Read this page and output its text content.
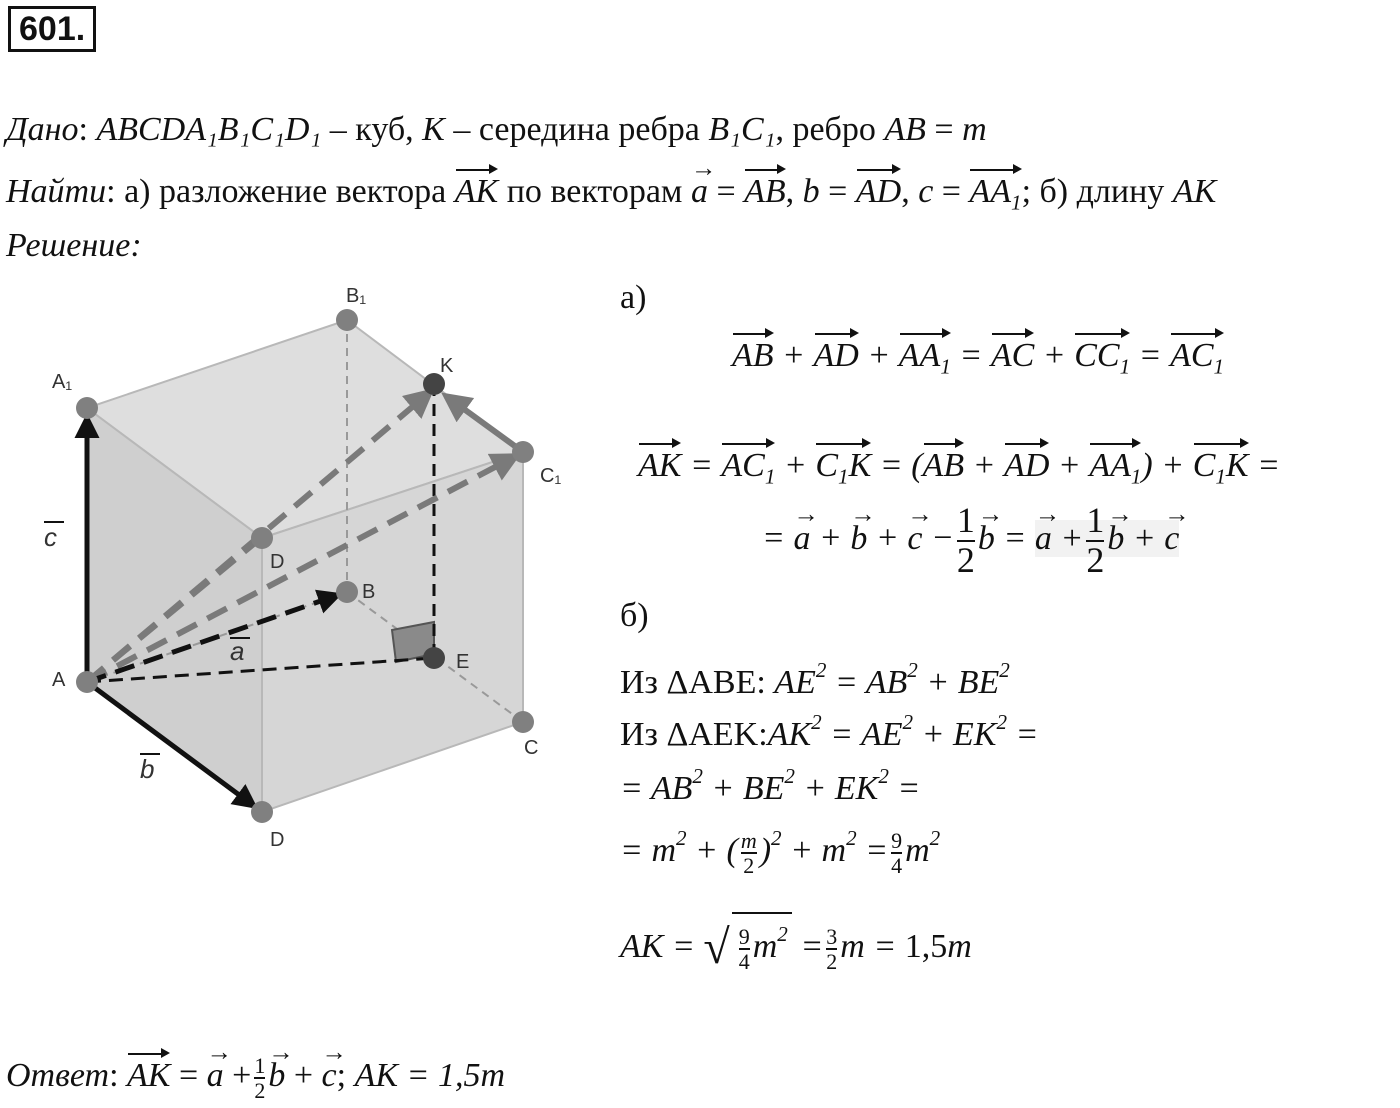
601.
Дано: ABCDA₁B₁C₁D₁ – куб, K – середина ребра B₁C₁, ребро AB = m
Найти: а) разложение вектора AK по векторам a → = AB, b = AD, $c = AA_1$; б) длину AK
Решение:
A₁
B₁
K
C₁
D
B
E
A
C
D
c
a
b
а)
AB + AD + $AA_1$ = AC + $CC_1 = AC_1$
AK = $AC_1 + C_1K = (AB$ + AD + $AA_1) + C_1K$ =
= a → + b → + c → − $\frac{1}{2}$ b → = a → + $\frac{1}{2}$ b → + c →
б)
Из ΔABE: $AE^2 = AB^2 + BE^2$
Из $\Delta AEK:AK^2 = AE^2 + EK^2$ =
= $AB^2 + BE^2 + EK^2$ =
= $m^2$ + ( $\frac{m}{2} )^2 + m^2 = \frac{9}{4} m^2$
AK = √ $\frac{9}{4} m^2 = \frac{3}{2}$ m = 1,5m
Ответ: AK = a → + $\frac{1}{2}$ b → + c →; AK = 1,5m
